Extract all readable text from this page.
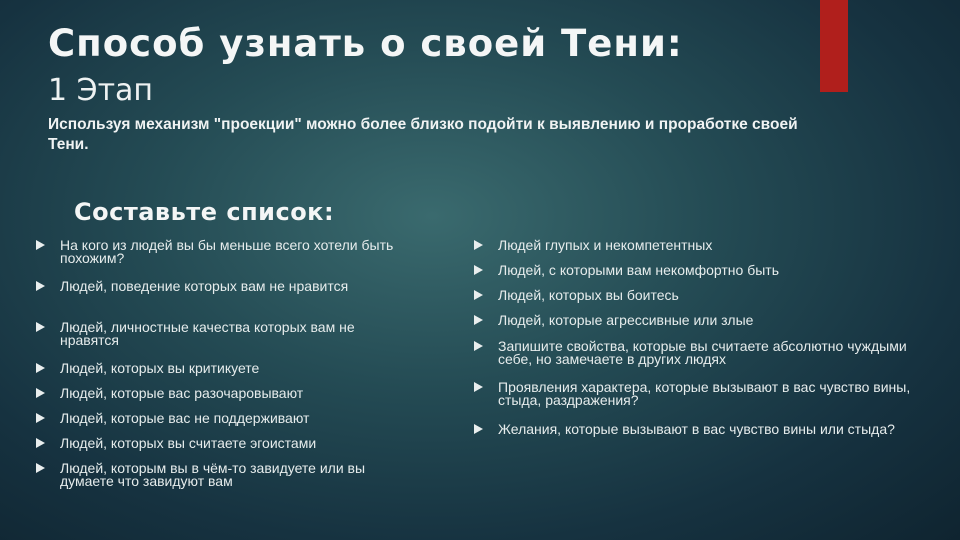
Способ узнать о своей Тени:
1 Этап

Используя механизм "проекции" можно более близко подойти к выявлению и проработке своей Тени.

Составьте список:
На кого из людей вы бы меньше всего хотели быть похожим?
Людей, поведение которых вам не нравится
Людей, личностные качества которых вам не нравятся
Людей, которых вы критикуете
Людей, которые вас разочаровывают
Людей, которые вас не поддерживают
Людей, которых вы считаете эгоистами
Людей, которым вы в чём-то завидуете или вы думаете что завидуют вам
Людей глупых и некомпетентных
Людей, с которыми вам некомфортно быть
Людей, которых вы боитесь
Людей, которые агрессивные или злые
Запишите свойства, которые вы считаете абсолютно чуждыми себе, но замечаете в других людях
Проявления характера, которые вызывают в вас чувство вины, стыда, раздражения?
Желания, которые вызывают в вас чувство вины или стыда?
